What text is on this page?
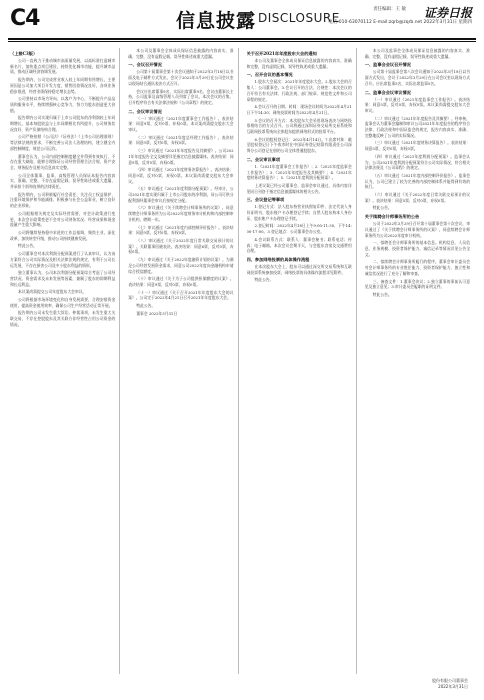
C4	信息披露 DISCLOSURE
责任编辑：王 敏 证券日报
电话:010-63070112 E-mail:zqrb@zqrb.net 2022年3月31日 星期四

（上接C3版）

公司一直致力于推动城市高质量发展，以高标准打造城市新名片，加快重点项目建设，持续优化城市功能，提升城市品质，推动区域经济协调发展。

报告期内，公司完成营业收入较上年同期有所增长，主要原因是公司加大项目开发力度，销售回款情况良好，各项业务稳步推进，经营业绩保持稳定增长态势。

公司坚持以市场为导向，以客户为中心，不断提升产品品质和服务水平，持续增强核心竞争力，努力为股东创造更大价值。

报告期内公司实现归属于上市公司股东的净利润较上年同期增长，基本每股收益与上年同期相比有所提升，公司财务状况良好，资产负债结构合理。

公司严格按照《公司法》《证券法》《上市公司治理准则》等法律法规的要求，不断完善公司法人治理结构，建立健全内部控制制度，规范公司运作。

董事会认为，公司内部控制制度健全并得到有效执行，不存在重大缺陷，能够合理保证公司经营管理合法合规、资产安全、财务报告及相关信息真实完整。

公司全体董事、监事、高级管理人员保证本报告内容真实、准确、完整，不存在虚假记载、误导性陈述或重大遗漏，并承担个别和连带的法律责任。

报告期内，公司积极履行社会责任，关注员工权益保护，注重环境保护和节能减排，积极参与社会公益事业，树立良好的企业形象。

公司根据相关规定及实际经营需要，对会计政策进行变更，本次会计政策变更不会对公司财务状况、经营成果和现金流量产生重大影响。

公司将继续坚持稳中求进的工作总基调，聚焦主业，深化改革，加快转型升级，推动公司持续健康发展。

特此公告。

公司董事会对本次利润分配预案进行了认真审议，认为该方案符合公司实际情况及相关法律法规的规定，有利于公司长远发展，不存在损害公司及中小股东利益的情形。

独立董事认为，公司本次利润分配预案综合考虑了公司经营状况、资金需求及未来发展等因素，兼顾了股东的即期利益和长远利益。

本议案尚需提交公司年度股东大会审议。

公司将根据市场环境变化和自身发展需要，合理安排资金使用，提高资金使用效率，确保公司生产经营活动正常开展。

报告期内公司未发生重大诉讼、仲裁事项，未发生重大关联交易，不存在控股股东及其关联方非经营性占用公司资金的情况。

本公司及董事会全体成员保证信息披露的内容真实、准确、完整，没有虚假记载、误导性陈述或重大遗漏。

一、会议召开情况

公司第十届董事会第十次会议通知于2022年3月18日以书面及电子邮件方式发出，会议于2022年3月29日在公司会议室以现场结合通讯表决方式召开。

会议应出席董事9名，实际出席董事9名，会议由董事长主持，公司监事及高级管理人员列席了会议。本次会议的召集、召开程序符合有关法律法规和《公司章程》的规定。

二、会议审议情况

（一）审议通过《2021年度董事会工作报告》。表决结果：同意9票，反对0票，弃权0票。本议案尚需提交股东大会审议。

（二）审议通过《2021年度总经理工作报告》。表决结果：同意9票，反对0票，弃权0票。

（三）审议通过《2021年年度报告及其摘要》。公司2021年年度报告全文及摘要详见指定信息披露媒体。表决结果：同意9票，反对0票，弃权0票。

（四）审议通过《2021年度财务决算报告》。表决结果：同意9票，反对0票，弃权0票。本议案尚需提交股东大会审议。

（五）审议通过《2021年度利润分配预案》。经审计，公司2021年度实现归属于上市公司股东的净利润，母公司可供分配利润经董事会审议后按规定分配。

（六）审议通过《关于续聘会计师事务所的议案》。同意续聘会计师事务所为公司2022年度财务审计机构和内部控制审计机构，聘期一年。

（七）审议通过《2021年度内部控制评价报告》。表决结果：同意9票，反对0票，弃权0票。

（八）审议通过《关于2022年度日常关联交易预计的议案》。关联董事回避表决。表决结果：同意6票，反对0票，弃权0票。

（九）审议通过《关于2022年度融资计划的议案》。为满足公司经营发展资金需求，同意公司2022年度向金融机构申请综合授信额度。

（十）审议通过《关于为子公司提供担保额度的议案》。表决结果：同意9票，反对0票，弃权0票。

（十一）审议通过《关于召开2021年年度股东大会的议案》。公司定于2022年4月21日召开2021年年度股东大会。

特此公告。

董事会 2022年3月31日

关于召开2021年年度股东大会的通知

本公司及董事会全体成员保证信息披露的内容真实、准确和完整，没有虚假记载、误导性陈述或重大遗漏。

一、召开会议的基本情况

1.股东大会届次：2021年年度股东大会。2.股东大会的召集人：公司董事会。3.会议召开的合法、合规性：本次会议的召开符合有关法律、行政法规、部门规章、规范性文件和公司章程的规定。

4.会议召开的日期、时间：现场会议时间为2022年4月21日下午14:30；网络投票时间为2022年4月21日。

5.会议的召开方式：本次股东大会采用现场表决与网络投票相结合的方式召开。公司将通过深圳证券交易所交易系统和互联网投票系统向全体股东提供网络形式的投票平台。

6.会议的股权登记日：2022年4月14日。7.出席对象：截至股权登记日下午收市时在中国证券登记结算有限责任公司深圳分公司登记在册的公司全体普通股股东。

二、会议审议事项

1.《2021年度董事会工作报告》；2.《2021年度监事会工作报告》；3.《2021年年度报告及其摘要》；4.《2021年度财务决算报告》；5.《2021年度利润分配预案》。

上述议案已经公司董事会、监事会审议通过，具体内容详见同日刊登于指定信息披露媒体的相关公告。

三、会议登记等事项

1.登记方式：法人股东持营业执照复印件、法定代表人身份证明书、股东账户卡办理登记手续；自然人股东持本人身份证、股东账户卡办理登记手续。

2.登记时间：2022年4月18日上午9:00-11:30，下午14:00-17:00。3.登记地点：公司董事会办公室。

4.会议联系方式：联系人：董事会秘书；联系电话；传真；电子邮箱。本次会议会期半天，与会股东食宿及交通费用自理。

四、参加网络投票的具体操作流程

在本次股东大会上，股东可以通过深交所交易系统和互联网投票系统参加投票，网络投票的具体操作流程详见附件。

特此公告。

本公司及监事会全体成员保证信息披露的内容真实、准确、完整，没有虚假记载、误导性陈述或重大遗漏。

一、监事会会议召开情况

公司第十届监事会第八次会议通知于2022年3月18日以书面方式发出，会议于2022年3月29日在公司会议室以现场方式召开。应出席监事5名，实际出席监事5名。

二、监事会会议审议情况

（一）审议通过《2021年度监事会工作报告》。表决结果：同意5票，反对0票，弃权0票。本议案尚需提交股东大会审议。

（二）审议通过《2021年年度报告及其摘要》。经审核，监事会认为董事会编制和审议公司2021年年度报告的程序符合法律、行政法规和中国证监会的规定，报告内容真实、准确、完整地反映了公司的实际情况。

（三）审议通过《2021年度财务决算报告》。表决结果：同意5票，反对0票，弃权0票。

（四）审议通过《2021年度利润分配预案》。监事会认为，公司2021年度利润分配预案符合公司实际情况，符合相关法律法规及《公司章程》的规定。

（五）审议通过《2021年度内部控制评价报告》。监事会认为，公司已建立了较为完善的内部控制体系并能得到有效的执行。

（六）审议通过《关于2022年度日常关联交易预计的议案》。表决结果：同意5票，反对0票，弃权0票。

特此公告。

关于续聘会计师事务所的公告

公司于2022年3月29日召开第十届董事会第十次会议，审议通过了《关于续聘会计师事务所的议案》，同意续聘会计师事务所为公司2022年度审计机构。

一、拟聘任会计师事务所的基本信息。机构信息、人员信息、业务规模、投资者保护能力、诚信记录等情况详见公告全文。

二、拟续聘会计师事务所履行的程序。董事会审计委员会对会计师事务所的专业胜任能力、投资者保护能力、独立性和诚信状况进行了充分了解和审查。

三、备查文件：1.董事会决议；2.独立董事的事前认可意见及独立意见；3.审计委员会履职的证明文件。

特此公告。

股份有限公司董事会
2022年3月31日
